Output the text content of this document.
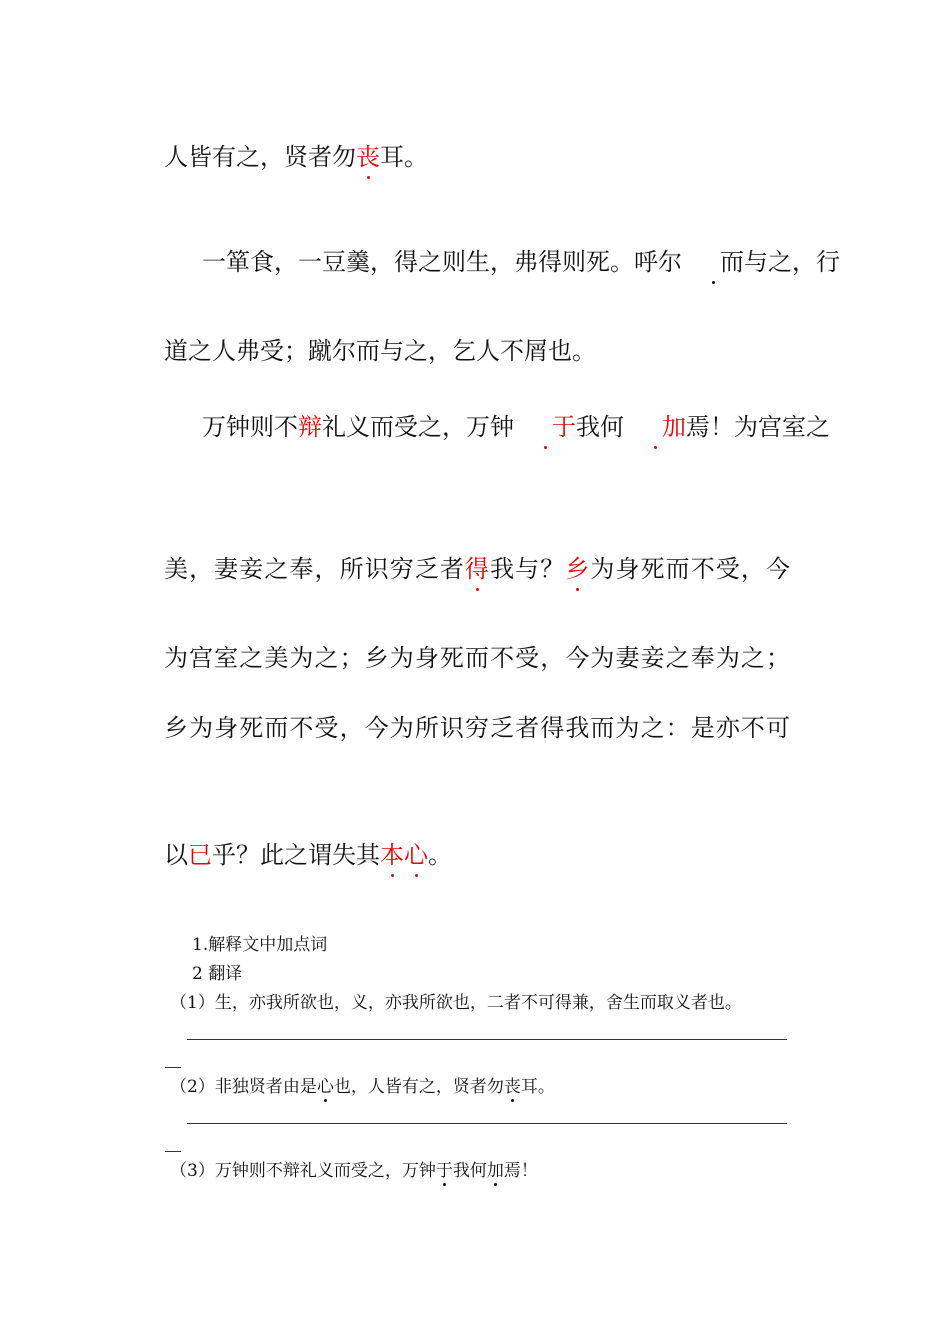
人皆有之，贤者勿丧耳。
一箪食，一豆羹，得之则生，弗得则死。呼尔 而与之，行
道之人弗受；蹴尔而与之，乞人不屑也。
万钟则不辩礼义而受之，万钟 于我何 加焉！为宫室之
美，妻妾之奉，所识穷乏者得我与？乡为身死而不受，今
为宫室之美为之；乡为身死而不受，今为妻妾之奉为之；
乡为身死而不受，今为所识穷乏者得我而为之：是亦不可
以已乎？此之谓失其本心。
1.解释文中加点词
2 翻译
（1）生，亦我所欲也，义，亦我所欲也，二者不可得兼，舍生而取义者也。
（2）非独贤者由是心也，人皆有之，贤者勿丧耳。
（3）万钟则不辩礼义而受之，万钟于我何加焉！
